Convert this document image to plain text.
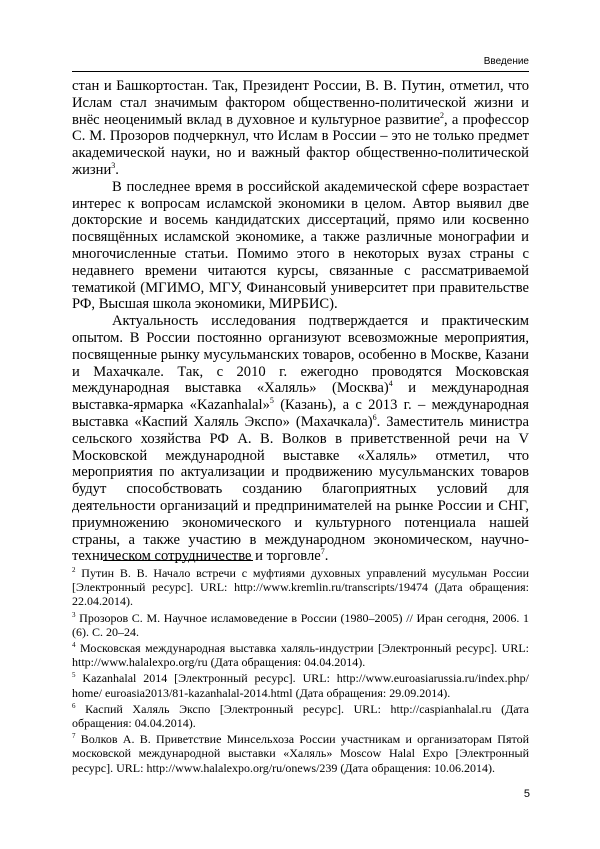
Введение

стан и Башкортостан. Так, Президент России, В. В. Путин, отметил, что Ислам стал значимым фактором общественно-политической жизни и внёс неоценимый вклад в духовное и культурное развитие$^2$, а профессор С. М. Прозоров подчеркнул, что Ислам в России – это не только предмет академической науки, но и важный фактор общественно-политической жизни$^3$.

В последнее время в российской академической сфере возрастает интерес к вопросам исламской экономики в целом. Автор выявил две докторские и восемь кандидатских диссертаций, прямо или косвенно посвящённых исламской экономике, а также различные монографии и многочисленные статьи. Помимо этого в некоторых вузах страны с недавнего времени читаются курсы, связанные с рассматриваемой тематикой (МГИМО, МГУ, Финансовый университет при правительстве РФ, Высшая школа экономики, МИРБИС).

Актуальность исследования подтверждается и практическим опытом. В России постоянно организуют всевозможные мероприятия, посвященные рынку мусульманских товаров, особенно в Москве, Казани и Махачкале. Так, с 2010 г. ежегодно проводятся Московская международная выставка «Халяль» (Москва)$^4$ и международная выставка-ярмарка «Kazanhalal»$^5$ (Казань), а с 2013 г. – международная выставка «Каспий Халяль Экспо» (Махачкала)$^6$. Заместитель министра сельского хозяйства РФ А. В. Волков в приветственной речи на V Московской международной выставке «Халяль» отметил, что мероприятия по актуализации и продвижению мусульманских товаров будут способствовать созданию благоприятных условий для деятельности организаций и предпринимателей на рынке России и СНГ, приумножению экономического и культурного потенциала нашей страны, а также участию в международном экономическом, научно-техническом сотрудничестве и торговле$^7$.

$^2$ Путин В. В. Начало встречи с муфтиями духовных управлений мусульман России [Электронный ресурс]. URL: http://www.kremlin.ru/transcripts/19474 (Дата обращения: 22.04.2014).

$^3$ Прозоров С. М. Научное исламоведение в России (1980–2005) // Иран сегодня, 2006. 1 (6). С. 20–24.

$^4$ Московская международная выставка халяль-индустрии [Электронный ресурс]. URL: http://www.halalexpo.org/ru (Дата обращения: 04.04.2014).

$^5$ Kazanhalal 2014 [Электронный ресурс]. URL: http://www.euroasiarussia.ru/index.php/ home/ euroasia2013/81-kazanhalal-2014.html (Дата обращения: 29.09.2014).

$^6$ Каспий Халяль Экспо [Электронный ресурс]. URL: http://caspianhalal.ru (Дата обращения: 04.04.2014).

$^7$ Волков А. В. Приветствие Минсельхоза России участникам и организаторам Пятой московской международной выставки «Халяль» Moscow Halal Expo [Электронный ресурс]. URL: http://www.halalexpo.org/ru/onews/239 (Дата обращения: 10.06.2014).

5
